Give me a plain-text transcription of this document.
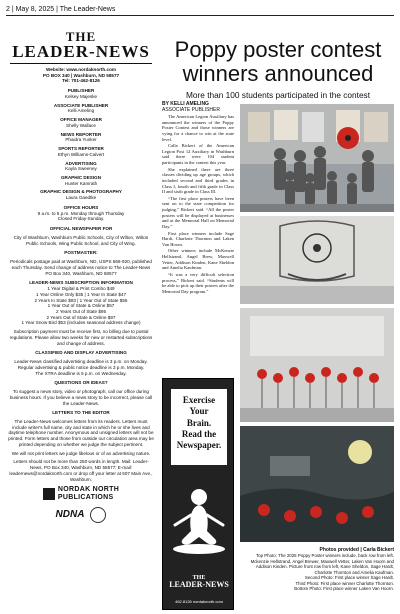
2 | May 8, 2025 | The Leader-News
THE
LEADER-NEWS
Website: www.nordaknorth.com
PO BOX 340 | Washburn, ND 58577
Tel: 701-462-8126
PUBLISHER
Kelsey Majeske
ASSOCIATE PUBLISHER
Kelli Ameling
OFFICE MANAGER
Shelly Wallace
NEWS REPORTER
Phaidra Yunker
SPORTS REPORTER
Ethyn Williams-Calvert
ADVERTISING
Kayla Sweeney
GRAPHIC DESIGN
Hunter Kamrath
GRAPHIC DESIGN & PHOTOGRAPHY
Laura Gaedtke
OFFICE HOURS
9 a.m. to 5 p.m. Monday through Thursday
Closed Friday-Sunday.
OFFICIAL NEWSPAPER FOR
City of Washburn, Washburn Public Schools, City of Wilton, Wilton Public Schools, Wing Public School, and City of Wing.
POSTMASTER:
Periodicals postage paid at Washburn, ND, USPS 666-920, published each Thursday. Send change of address notice to The Leader-News PO Box 340, Washburn, ND 58577
LEADER-NEWS SUBSCRIPTION INFORMATION
1 Year Digital & Print Combo $49
1 Year Online Only $35 | 1 Year In State $47
2 Years In State $83 | 1 Year Out of State $55
1 Year Out of State & Online $57
2 Years Out of State $95
2 Years Out of State & Online $97
1 Year Snow Bird $53 (includes seasonal address change)
Subscription payment must be receive first, no billing due to postal regulations. Please allow two weeks for new or restarted subscriptions and change of address.
CLASSIFIED AND DISPLAY ADVERTISING
Leader-News classified advertising deadline is 3 p.m. on Monday. Regular advertising & public notice deadline is 3 p.m. Monday.
The XTRA deadline is 5 p.m. on Wednesday.
QUESTIONS OR IDEAS?
To suggest a news story, video or photograph, call our office during business hours. If you believe a news story to be incorrect, please call the Leader-News.
LETTERS TO THE EDITOR
The Leader-News welcomes letters from its readers. Letters must include writer's full name, city and state in which he or she lives and daytime telephone number. Anonymous and unsigned letters will not be printed. Form letters and those from outside our circulation area may be printed depending on whether we judge the subject pertinent.
We will not print letters we judge libelous or of an advertising nature.
Letters should not be more than 250 words in length. Mail: Leader-News, PO Box 340, Washburn, ND 58577; E-mail: leadernews@nordaknorth.com or drop off your letter at 607 Main Ave., Washburn.
NORDAK NORTH
PUBLICATIONS
NDNA
Poppy poster contest winners announced
More than 100 students participated in the contest
BY KELLI AMELING
ASSOCIATE PUBLISHER

The American Legion Auxiliary has announced the winners of the Poppy Poster Contest and those winners are vying for a chance to win at the state level.

Calla Bickert of the American Legion Post 12 Auxiliary in Washburn said there were 104 student participants in the contest this year.

She explained there are three classes dividing up age groups, which included second and third grades in Class I, fourth and fifth grade in Class II and sixth grade in Class III.

“The first place posters have been sent on to the state competition for judging,” Bickert said. “All the poster posters will be displayed at businesses and at the Memorial Hall on Memorial Day.”

First place winners include Sage Hardt, Charlotte Thornton and Laken Van Hoorn.

Other winners include McKenzie Hellstrand, Angel Brew, Maxwell Vetter, Addison Kinden, Kane Sheldon and Amelia Kaufman.

“It was a very difficult selection process,” Bickert said. “Students will be able to pick up their posters after the Memorial Day program.”

Exercise
Your
Brain.
Read the
Newspaper.
THE
LEADER-NEWS
462.8126 nordaknorth.com
Photos provided | Carla Bickert
Top Photo: The 2025 Poppy Poster winners include, back row from left, Mckenzie Hellstrand, Angel Brewer, Maxwell Vetter, Laken Van Hoorn and Addison Kinden. Picture front row from left, Kane Sheldon, Sage Hardt, Charlotte Thornton and Amelia Kaufman.
Second Photo: First place winner Sage Hardt.
Third Photo: First place winner Charlotte Thornton.
Bottom Photo: First place winner Laken Van Hoorn.
